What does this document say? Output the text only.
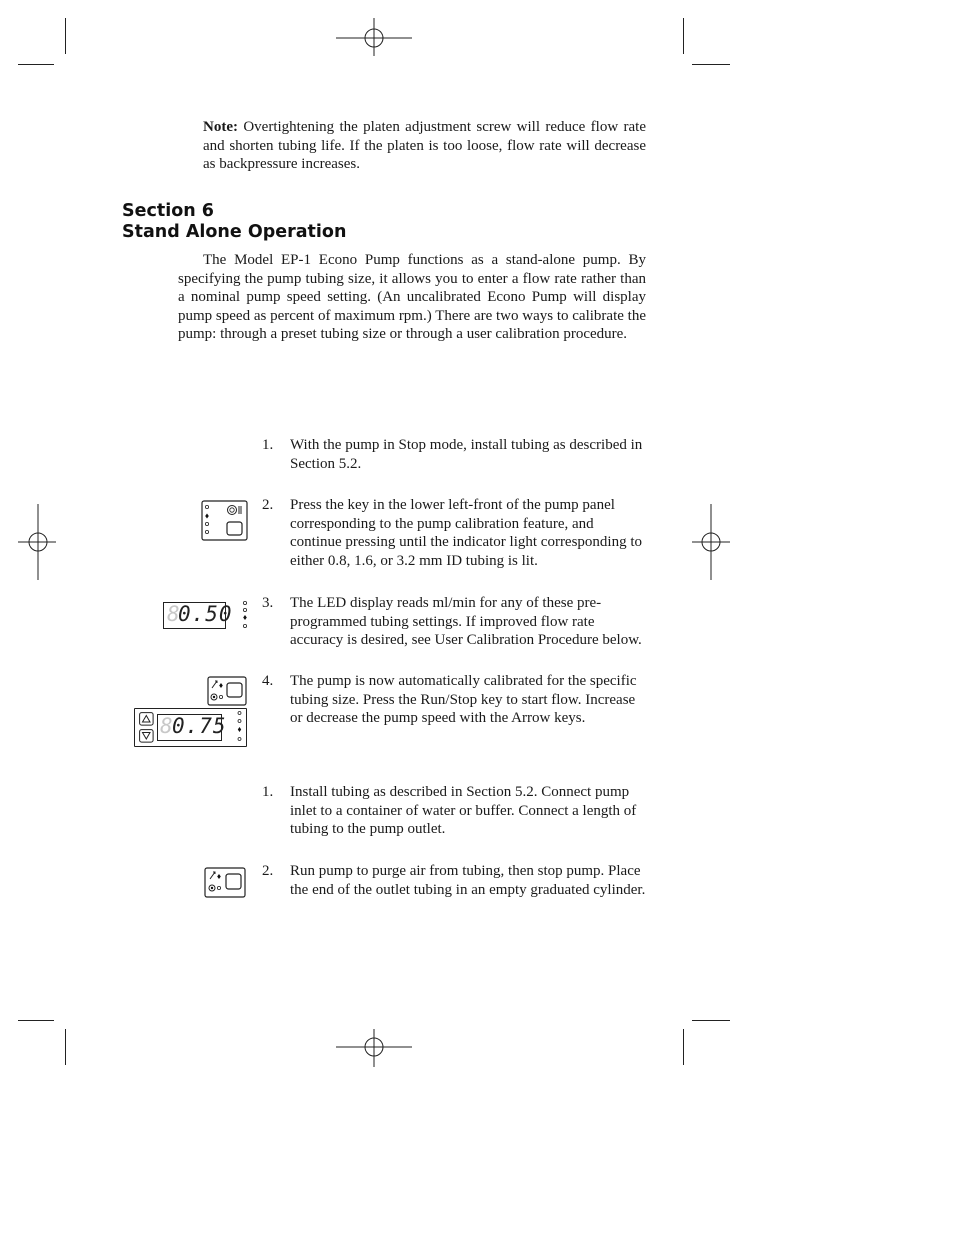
Note: Overtightening the platen adjustment screw will reduce flow rate and shorten tubing life. If the platen is too loose, flow rate will decrease as backpressure increases.
Section 6
Stand Alone Operation
The Model EP-1 Econo Pump functions as a stand-alone pump. By specifying the pump tubing size, it allows you to enter a flow rate rather than a nominal pump speed setting. (An uncalibrated Econo Pump will display pump speed as percent of maximum rpm.) There are two ways to calibrate the pump: through a preset tubing size or through a user calibration procedure.
1. With the pump in Stop mode, install tubing as described in Section 5.2.
2. Press the key in the lower left-front of the pump panel corresponding to the pump calibration feature, and continue pressing until the indicator light corresponding to either 0.8, 1.6, or 3.2 mm ID tubing is lit.
3. The LED display reads ml/min for any of these pre-programmed tubing settings. If improved flow rate accuracy is desired, see User Calibration Procedure below.
4. The pump is now automatically calibrated for the specific tubing size. Press the Run/Stop key to start flow. Increase or decrease the pump speed with the Arrow keys.
1. Install tubing as described in Section 5.2. Connect pump inlet to a container of water or buffer. Connect a length of tubing to the pump outlet.
2. Run pump to purge air from tubing, then stop pump. Place the end of the outlet tubing in an empty graduated cylinder.
8
0.50
8 0.75
